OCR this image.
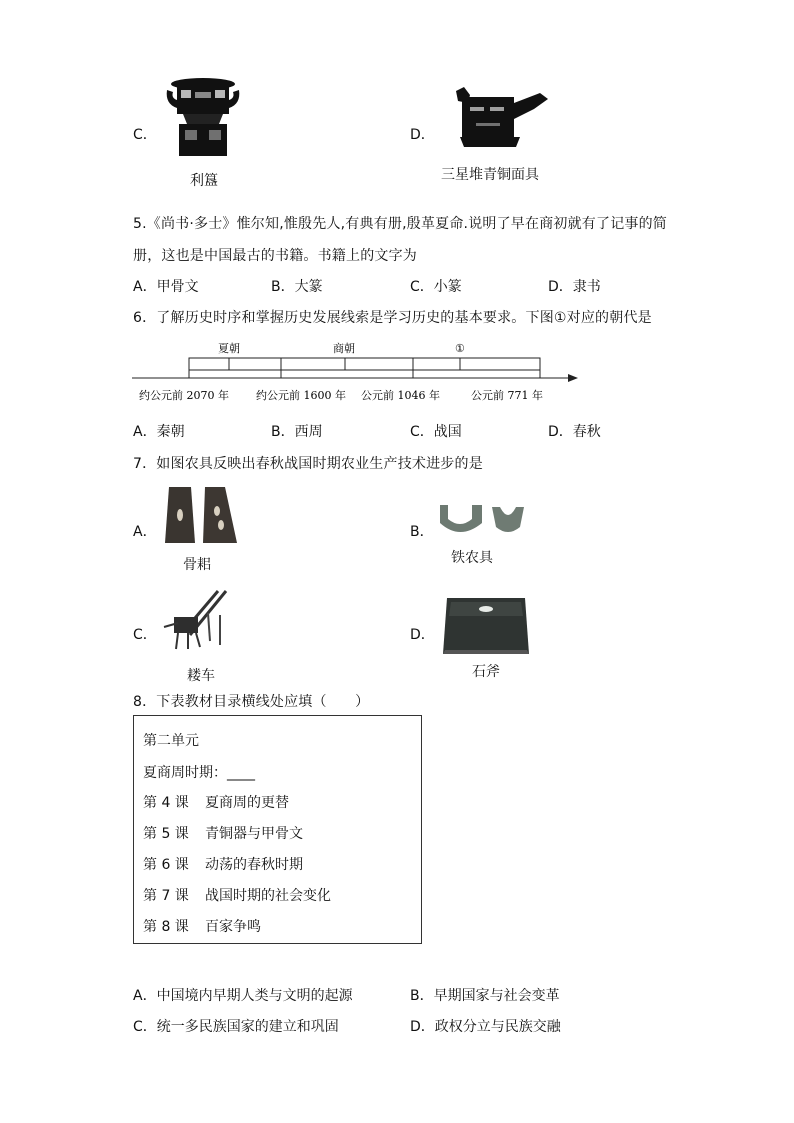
C．
利簋
D．
三星堆青铜面具
5.《尚书·多士》惟尔知,惟殷先人,有典有册,殷革夏命.说明了早在商初就有了记事的简
册，这也是中国最古的书籍。书籍上的文字为
A．甲骨文	B．大篆	C．小篆	D．隶书
6．了解历史时序和掌握历史发展线索是学习历史的基本要求。下图①对应的朝代是
夏朝	商朝	①
约公元前 2070 年 约公元前 1600 年 公元前 1046 年	公元前 771 年
A．秦朝	B．西周	C．战国	D．春秋
7．如图农具反映出春秋战国时期农业生产技术进步的是
A．
骨耜
B．
铁农具
C．
耧车
D．
石斧
8．下表教材目录横线处应填（　　）
第二单元
夏商周时期：____
第 4 课 夏商周的更替
第 5 课 青铜器与甲骨文
第 6 课 动荡的春秋时期
第 7 课 战国时期的社会变化
第 8 课 百家争鸣
A．中国境内早期人类与文明的起源	B．早期国家与社会变革
C．统一多民族国家的建立和巩固	D．政权分立与民族交融
